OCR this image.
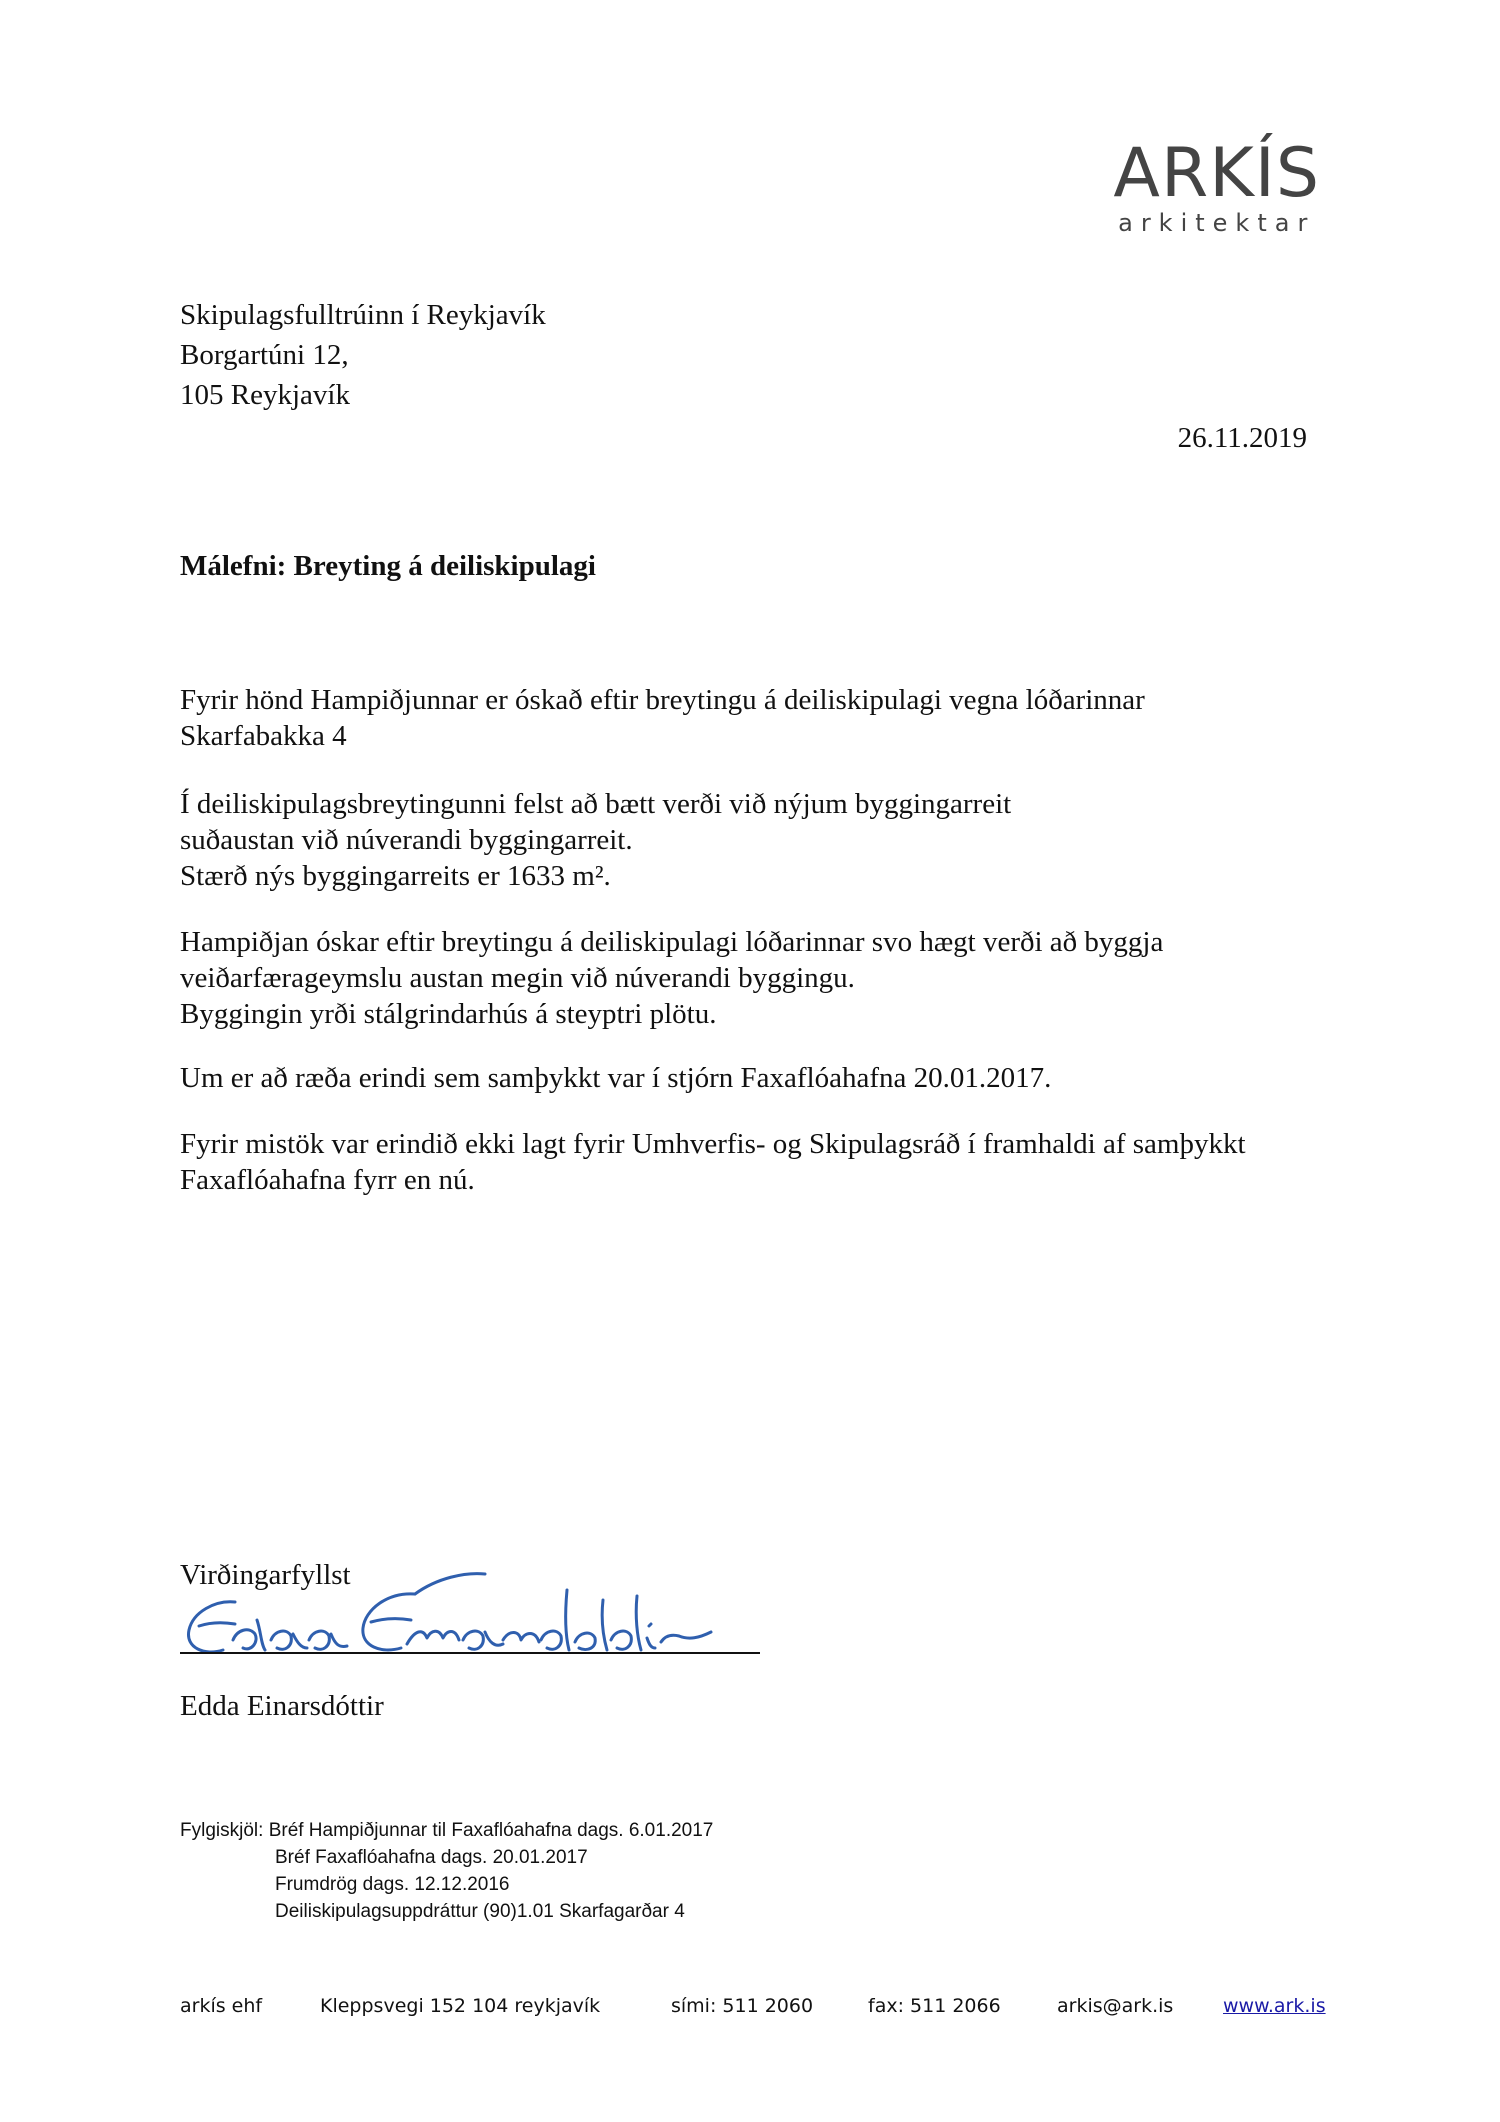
ARKÍS
arkitektar
Skipulagsfulltrúinn í Reykjavík
Borgartúni 12,
105 Reykjavík
26.11.2019
Málefni: Breyting á deiliskipulagi
Fyrir hönd Hampiðjunnar er óskað eftir breytingu á deiliskipulagi vegna lóðarinnar
Skarfabakka 4
Í deiliskipulagsbreytingunni felst að bætt verði við nýjum byggingarreit
suðaustan við núverandi byggingarreit.
Stærð nýs byggingarreits er 1633 m².
Hampiðjan óskar eftir breytingu á deiliskipulagi lóðarinnar svo hægt verði að byggja
veiðarfærageymslu austan megin við núverandi byggingu.
Byggingin yrði stálgrindarhús á steyptri plötu.
Um er að ræða erindi sem samþykkt var í stjórn Faxaflóahafna 20.01.2017.
Fyrir mistök var erindið ekki lagt fyrir Umhverfis- og Skipulagsráð í framhaldi af samþykkt
Faxaflóahafna fyrr en nú.
Virðingarfyllst
Edda Einarsdóttir
Fylgiskjöl: Bréf Hampiðjunnar til Faxaflóahafna dags. 6.01.2017
Bréf Faxaflóahafna dags. 20.01.2017
Frumdrög dags. 12.12.2016
Deiliskipulagsuppdráttur (90)1.01 Skarfagarðar 4
arkís ehf	Kleppsvegi 152 104 reykjavík	sími: 511 2060	fax: 511 2066	arkis@ark.is	www.ark.is
